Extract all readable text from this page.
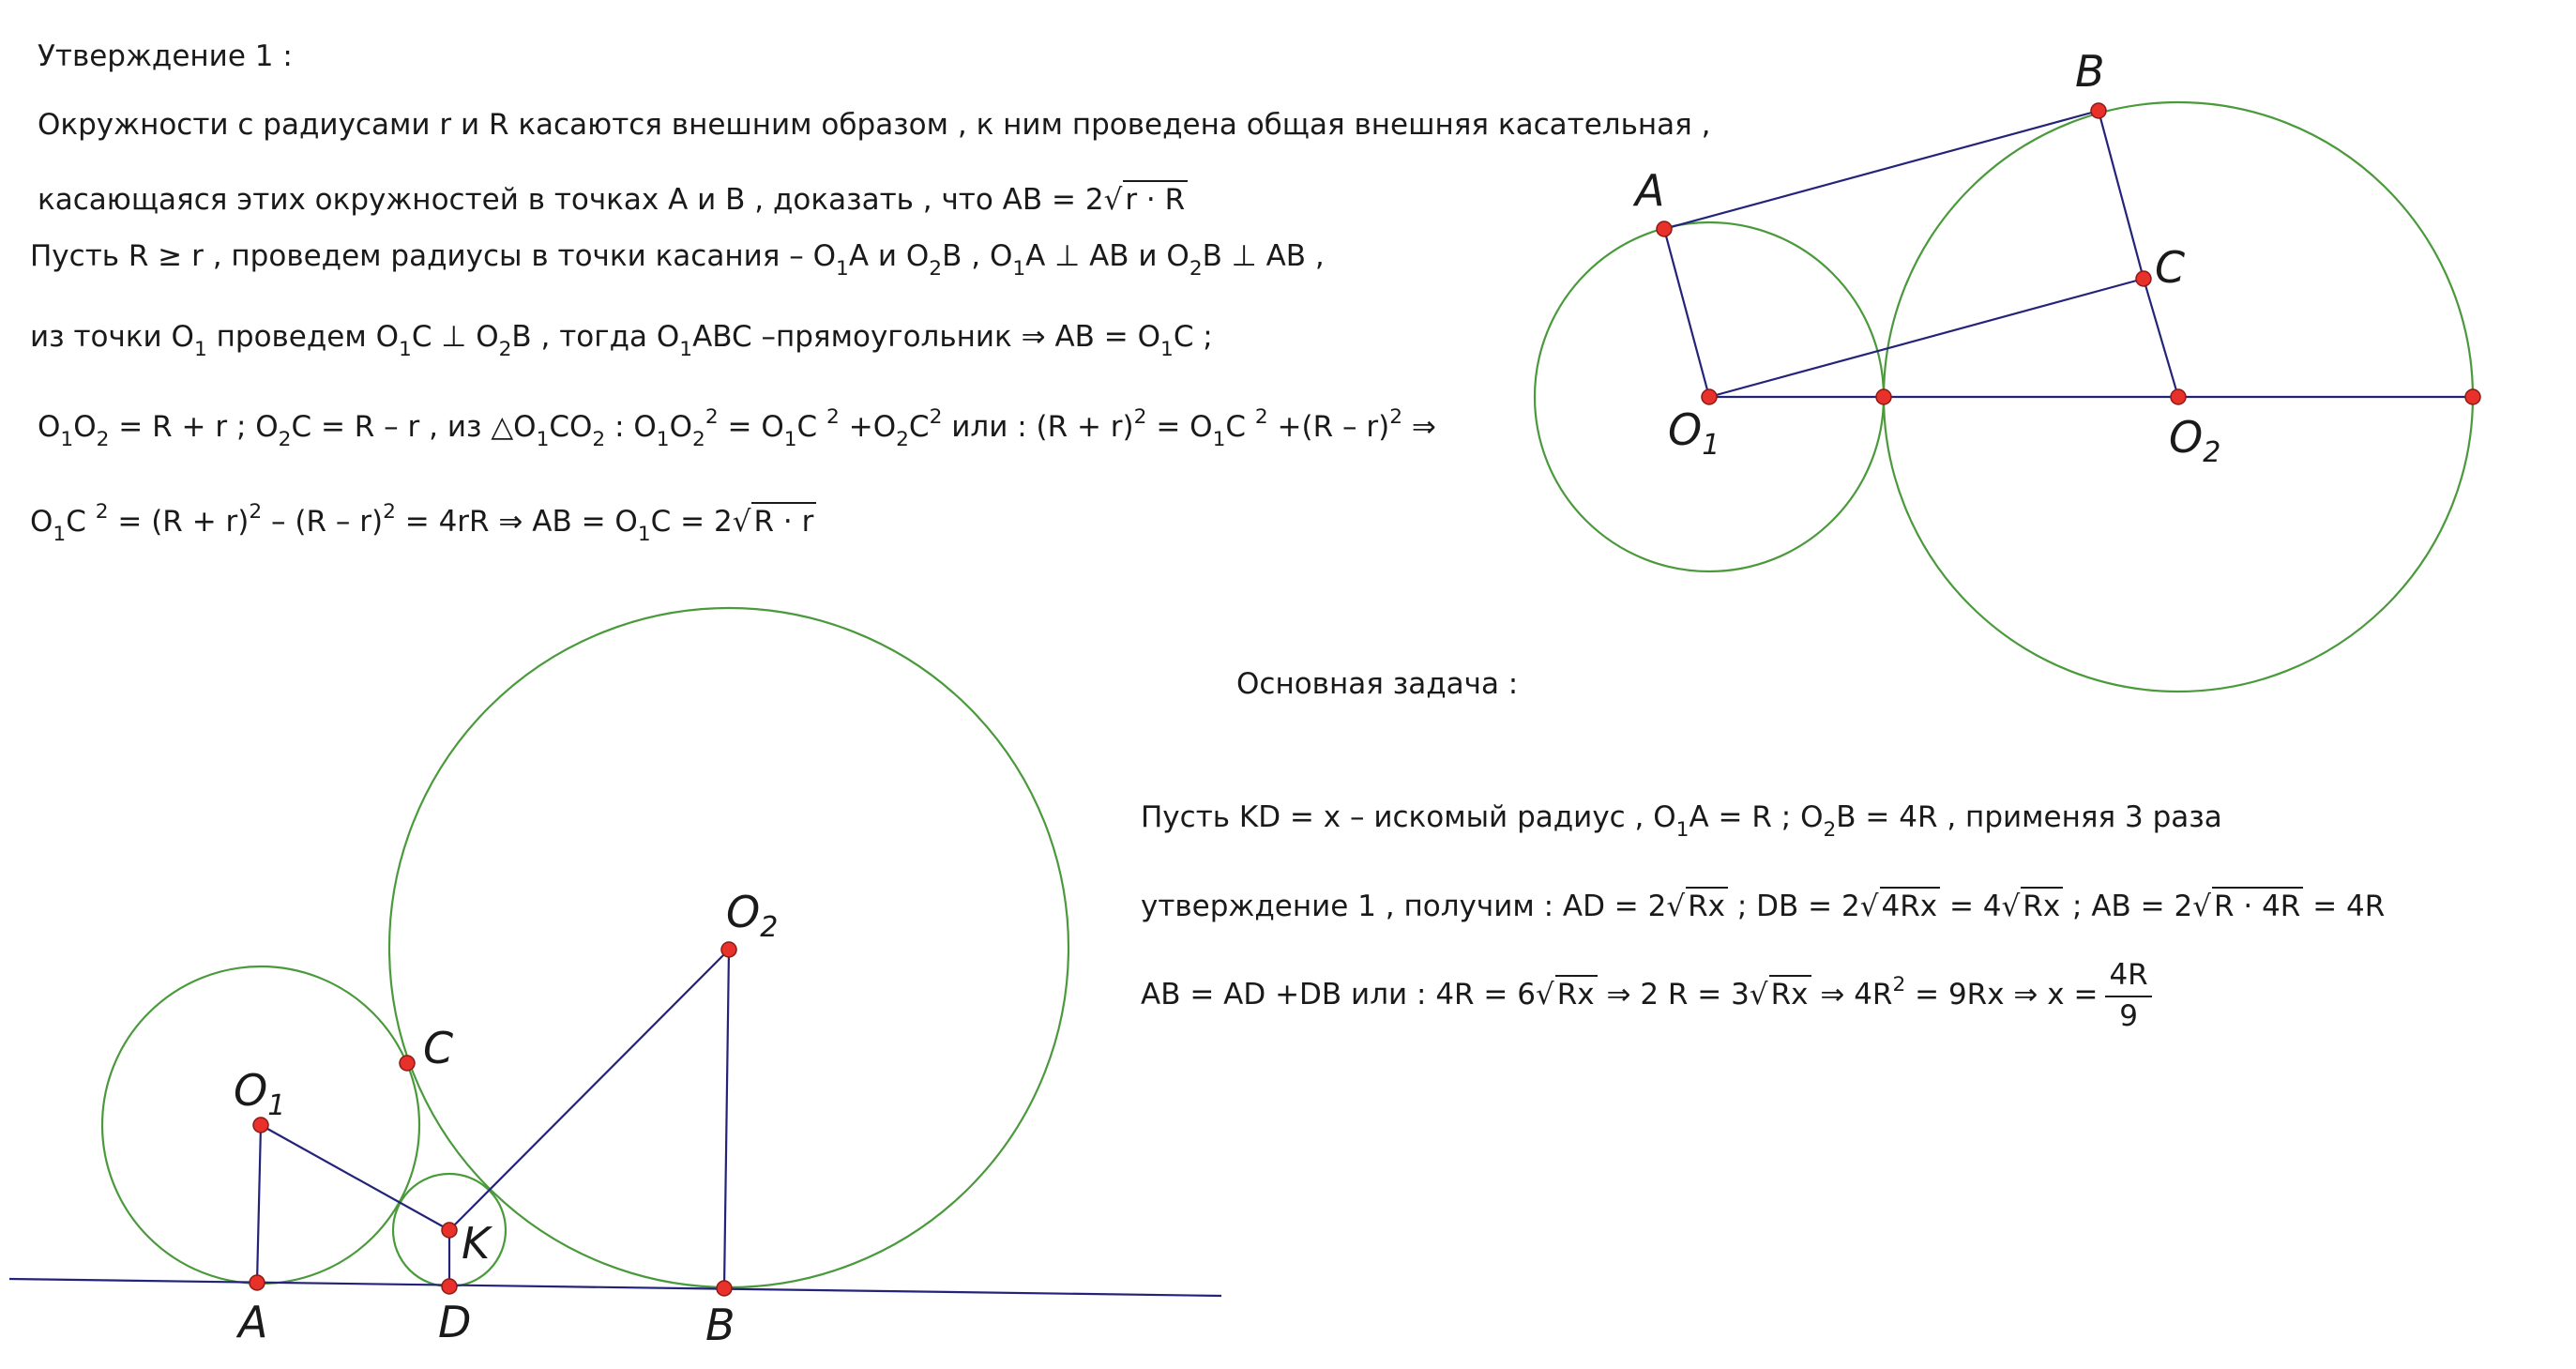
A
B
C
$O_1$	$O_2$
$O_1$
C
K
A	D	B
$O_2$
Утверждение 1 :
Окружности с радиусами r и R касаются внешним образом , к ним проведена общая внешняя касательная ,
касающаяся этих окружностей в точках A и B , доказать , что AB = 2√r · R
Пусть R ≥ r , проведем радиусы в точки касания – $O_1A$ и $O_2B$ , $O_1A$ ⊥ AB и $O_2B$ ⊥ AB ,
из точки $O_1$ проведем $O_1C$ ⊥ $O_2B$ , тогда $O_1ABC$ –прямоугольник ⇒ AB = $O_1C$ ;
$O_1O_2 = R + r$ ; $O_2C = R - r$ , из $\triangle O_1CO_2$ : $O_1O_2^2 = O_1C$ $^2 +O_2C^2$ или : $(R + r)^2 = O_1C$ $^2$ +(R – r)$^2$ ⇒
$O_1C$ $^2 = (R + r)^2 - (R - r)^2 = 4rR$ ⇒ AB = $O_1C = 2√R \cdot r$
Основная задача :
Пусть KD = x – искомый радиус , $O_1A = R$ ; $O_2B = 4R$ , применяя 3 раза
утверждение 1 , получим : AD = 2√Rx ; DB = 2√4Rx = 4√Rx ; AB = 2√R · 4R = 4R
AB = AD +DB или : 4R = 6√Rx ⇒ 2 R = 3√Rx ⇒ $4R^2 = 9Rx$ ⇒ $x = \frac{4R}{9}$
